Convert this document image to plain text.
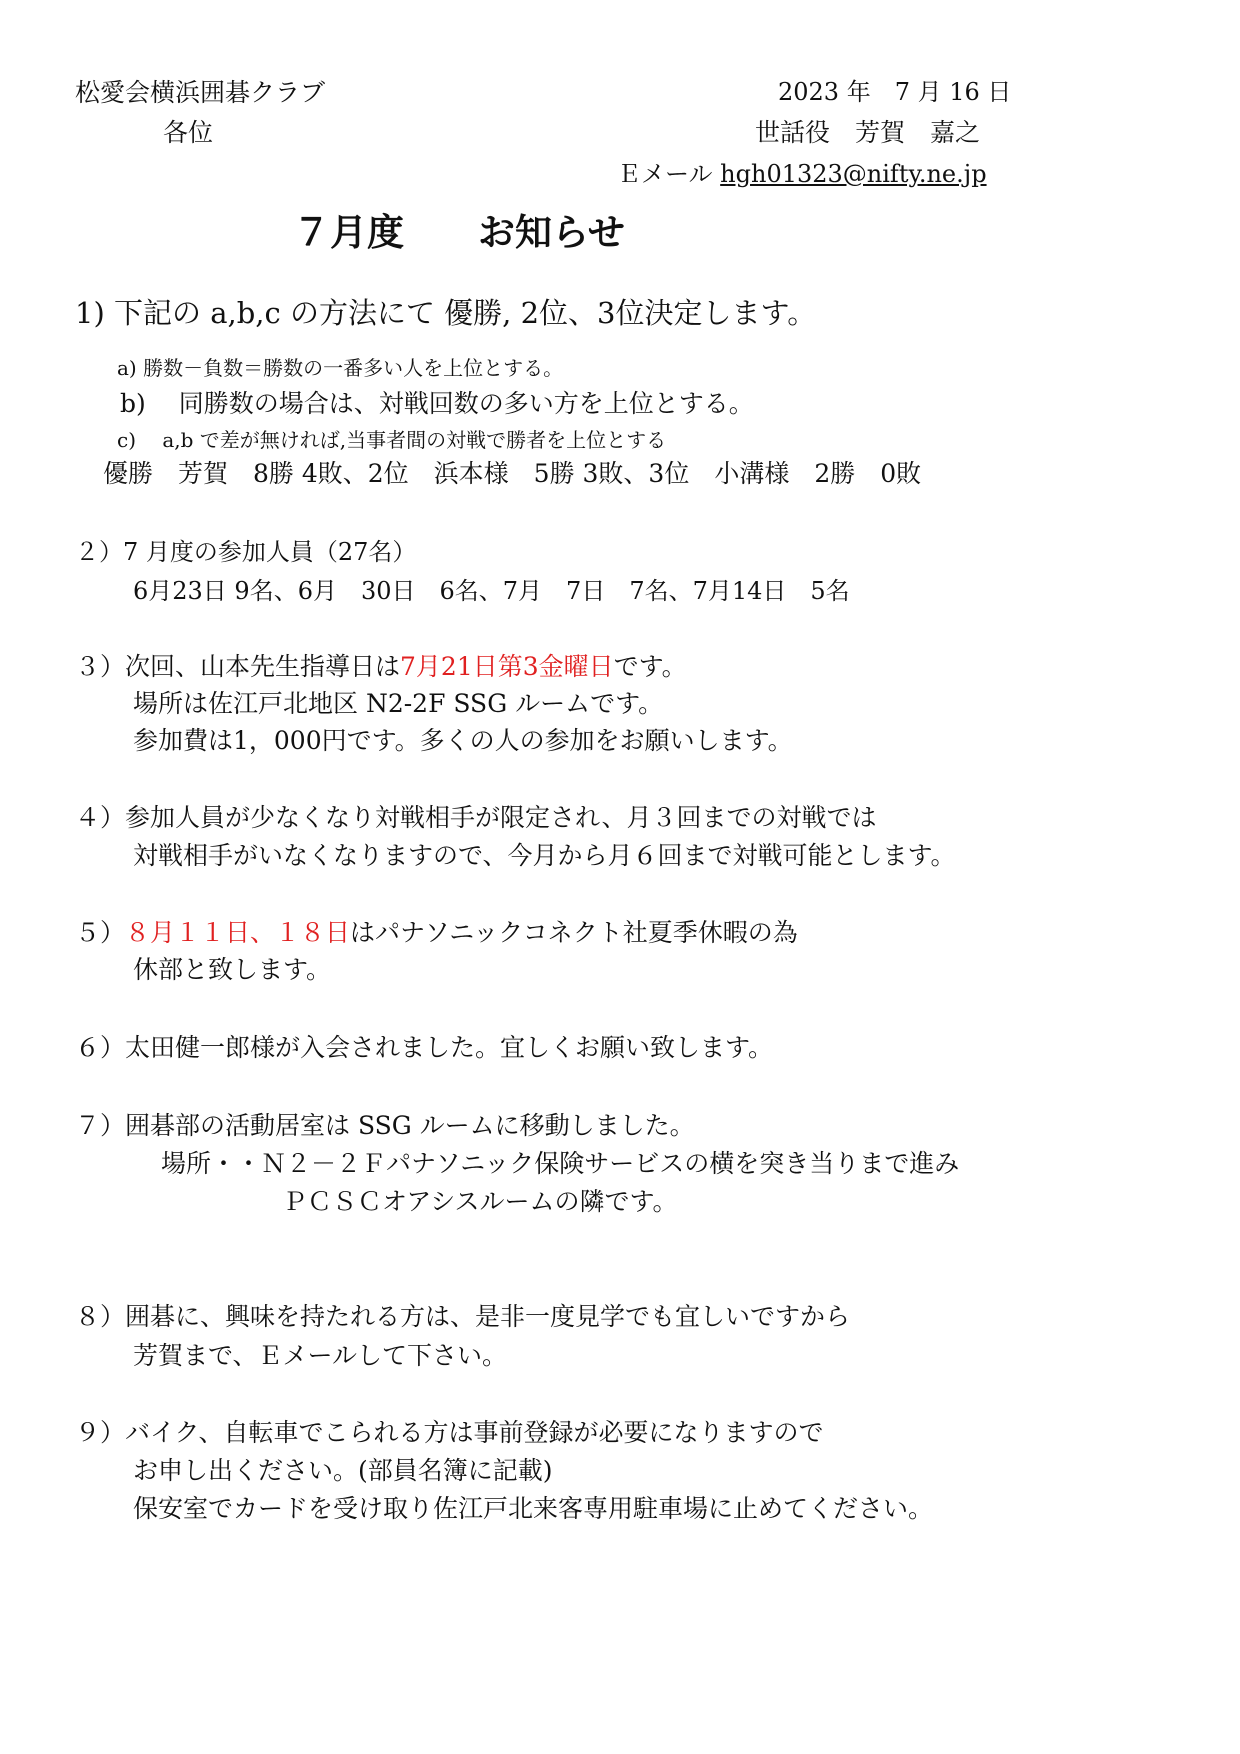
松愛会横浜囲碁クラブ	2023 年　7 月 16 日
各位	世話役　芳賀　嘉之
Ｅメール hgh01323@nifty.ne.jp
７月度　　お知らせ
1) 下記の a,b,c の方法にて 優勝, 2位、3位決定します。
a) 勝数－負数＝勝数の一番多い人を上位とする。
b)　 同勝数の場合は、対戦回数の多い方を上位とする。
c)　 a,b で差が無ければ,当事者間の対戦で勝者を上位とする
優勝　芳賀　8勝 4敗、2位　浜本様　5勝 3敗、3位　小溝様　2勝　0敗
２）7 月度の参加人員（27名）
6月23日 9名、6月　30日　6名、7月　7日　7名、7月14日　5名
３）次回、山本先生指導日は7月21日第3金曜日です。
場所は佐江戸北地区 N2-2F SSG ルームです。
参加費は1，000円です。多くの人の参加をお願いします。
４）参加人員が少なくなり対戦相手が限定され、月３回までの対戦では
対戦相手がいなくなりますので、今月から月６回まで対戦可能とします。
５）８月１１日、１８日はパナソニックコネクト社夏季休暇の為
休部と致します。
６）太田健一郎様が入会されました。宜しくお願い致します。
７）囲碁部の活動居室は SSG ルームに移動しました。
場所・・Ｎ２－２Ｆパナソニック保険サービスの横を突き当りまで進み
ＰＣＳＣオアシスルームの隣です。
８）囲碁に、興味を持たれる方は、是非一度見学でも宜しいですから
芳賀まで、Ｅメールして下さい。
９）バイク、自転車でこられる方は事前登録が必要になりますので
お申し出ください。(部員名簿に記載)
保安室でカードを受け取り佐江戸北来客専用駐車場に止めてください。
